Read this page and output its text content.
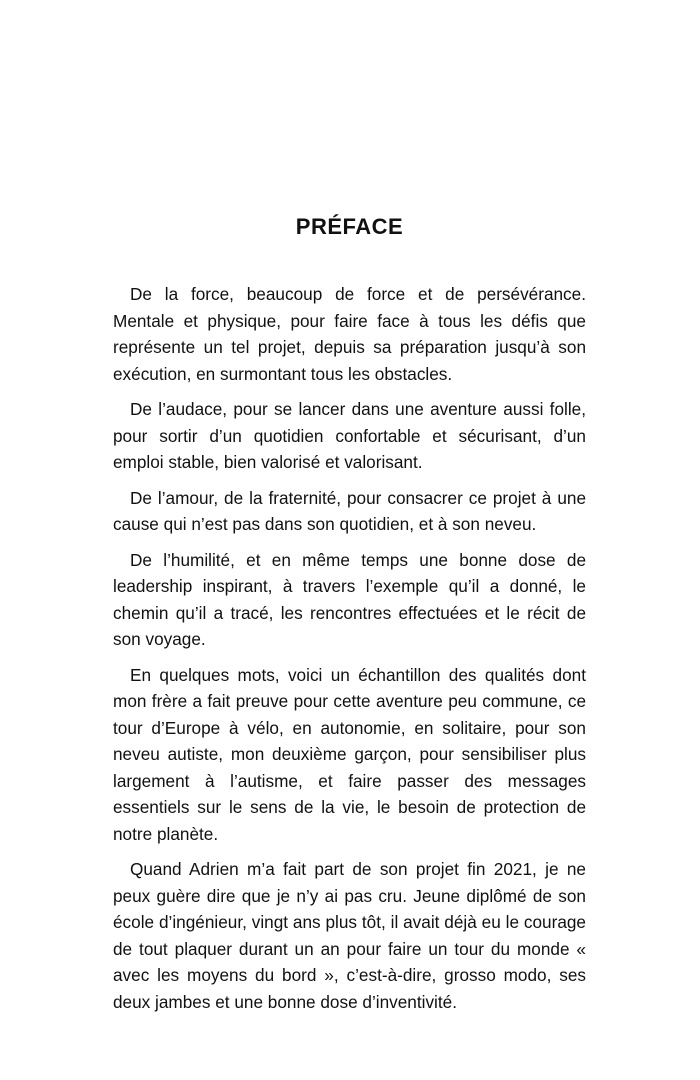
PRÉFACE

De la force, beaucoup de force et de persévérance. Mentale et physique, pour faire face à tous les défis que représente un tel projet, depuis sa préparation jusqu’à son exécution, en surmontant tous les obstacles.

De l’audace, pour se lancer dans une aventure aussi folle, pour sortir d’un quotidien confortable et sécurisant, d’un emploi stable, bien valorisé et valorisant.

De l’amour, de la fraternité, pour consacrer ce projet à une cause qui n’est pas dans son quotidien, et à son neveu.

De l’humilité, et en même temps une bonne dose de leadership inspirant, à travers l’exemple qu’il a donné, le chemin qu’il a tracé, les rencontres effectuées et le récit de son voyage.

En quelques mots, voici un échantillon des qualités dont mon frère a fait preuve pour cette aventure peu commune, ce tour d’Europe à vélo, en autonomie, en solitaire, pour son neveu autiste, mon deuxième garçon, pour sensibiliser plus largement à l’autisme, et faire passer des messages essentiels sur le sens de la vie, le besoin de protection de notre planète.

Quand Adrien m’a fait part de son projet fin 2021, je ne peux guère dire que je n’y ai pas cru. Jeune diplômé de son école d’ingénieur, vingt ans plus tôt, il avait déjà eu le courage de tout plaquer durant un an pour faire un tour du monde « avec les moyens du bord », c’est-à-dire, grosso modo, ses deux jambes et une bonne dose d’inventivité.
